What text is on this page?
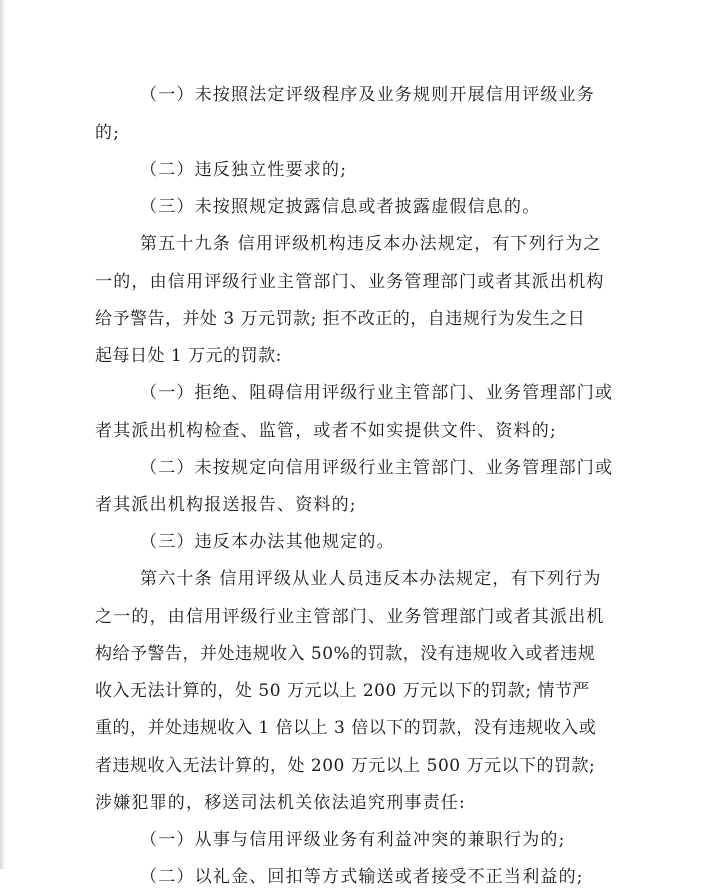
（一）未按照法定评级程序及业务规则开展信用评级业务
的;
（二）违反独立性要求的;
（三）未按照规定披露信息或者披露虚假信息的。
第五十九条 信用评级机构违反本办法规定，有下列行为之
一的，由信用评级行业主管部门、业务管理部门或者其派出机构
给予警告，并处 3 万元罚款; 拒不改正的，自违规行为发生之日
起每日处 1 万元的罚款:
（一）拒绝、阻碍信用评级行业主管部门、业务管理部门或
者其派出机构检查、监管，或者不如实提供文件、资料的;
（二）未按规定向信用评级行业主管部门、业务管理部门或
者其派出机构报送报告、资料的;
（三）违反本办法其他规定的。
第六十条 信用评级从业人员违反本办法规定，有下列行为
之一的，由信用评级行业主管部门、业务管理部门或者其派出机
构给予警告，并处违规收入 50%的罚款，没有违规收入或者违规
收入无法计算的，处 50 万元以上 200 万元以下的罚款; 情节严
重的，并处违规收入 1 倍以上 3 倍以下的罚款，没有违规收入或
者违规收入无法计算的，处 200 万元以上 500 万元以下的罚款;
涉嫌犯罪的，移送司法机关依法追究刑事责任:
（一）从事与信用评级业务有利益冲突的兼职行为的;
（二）以礼金、回扣等方式输送或者接受不正当利益的;
